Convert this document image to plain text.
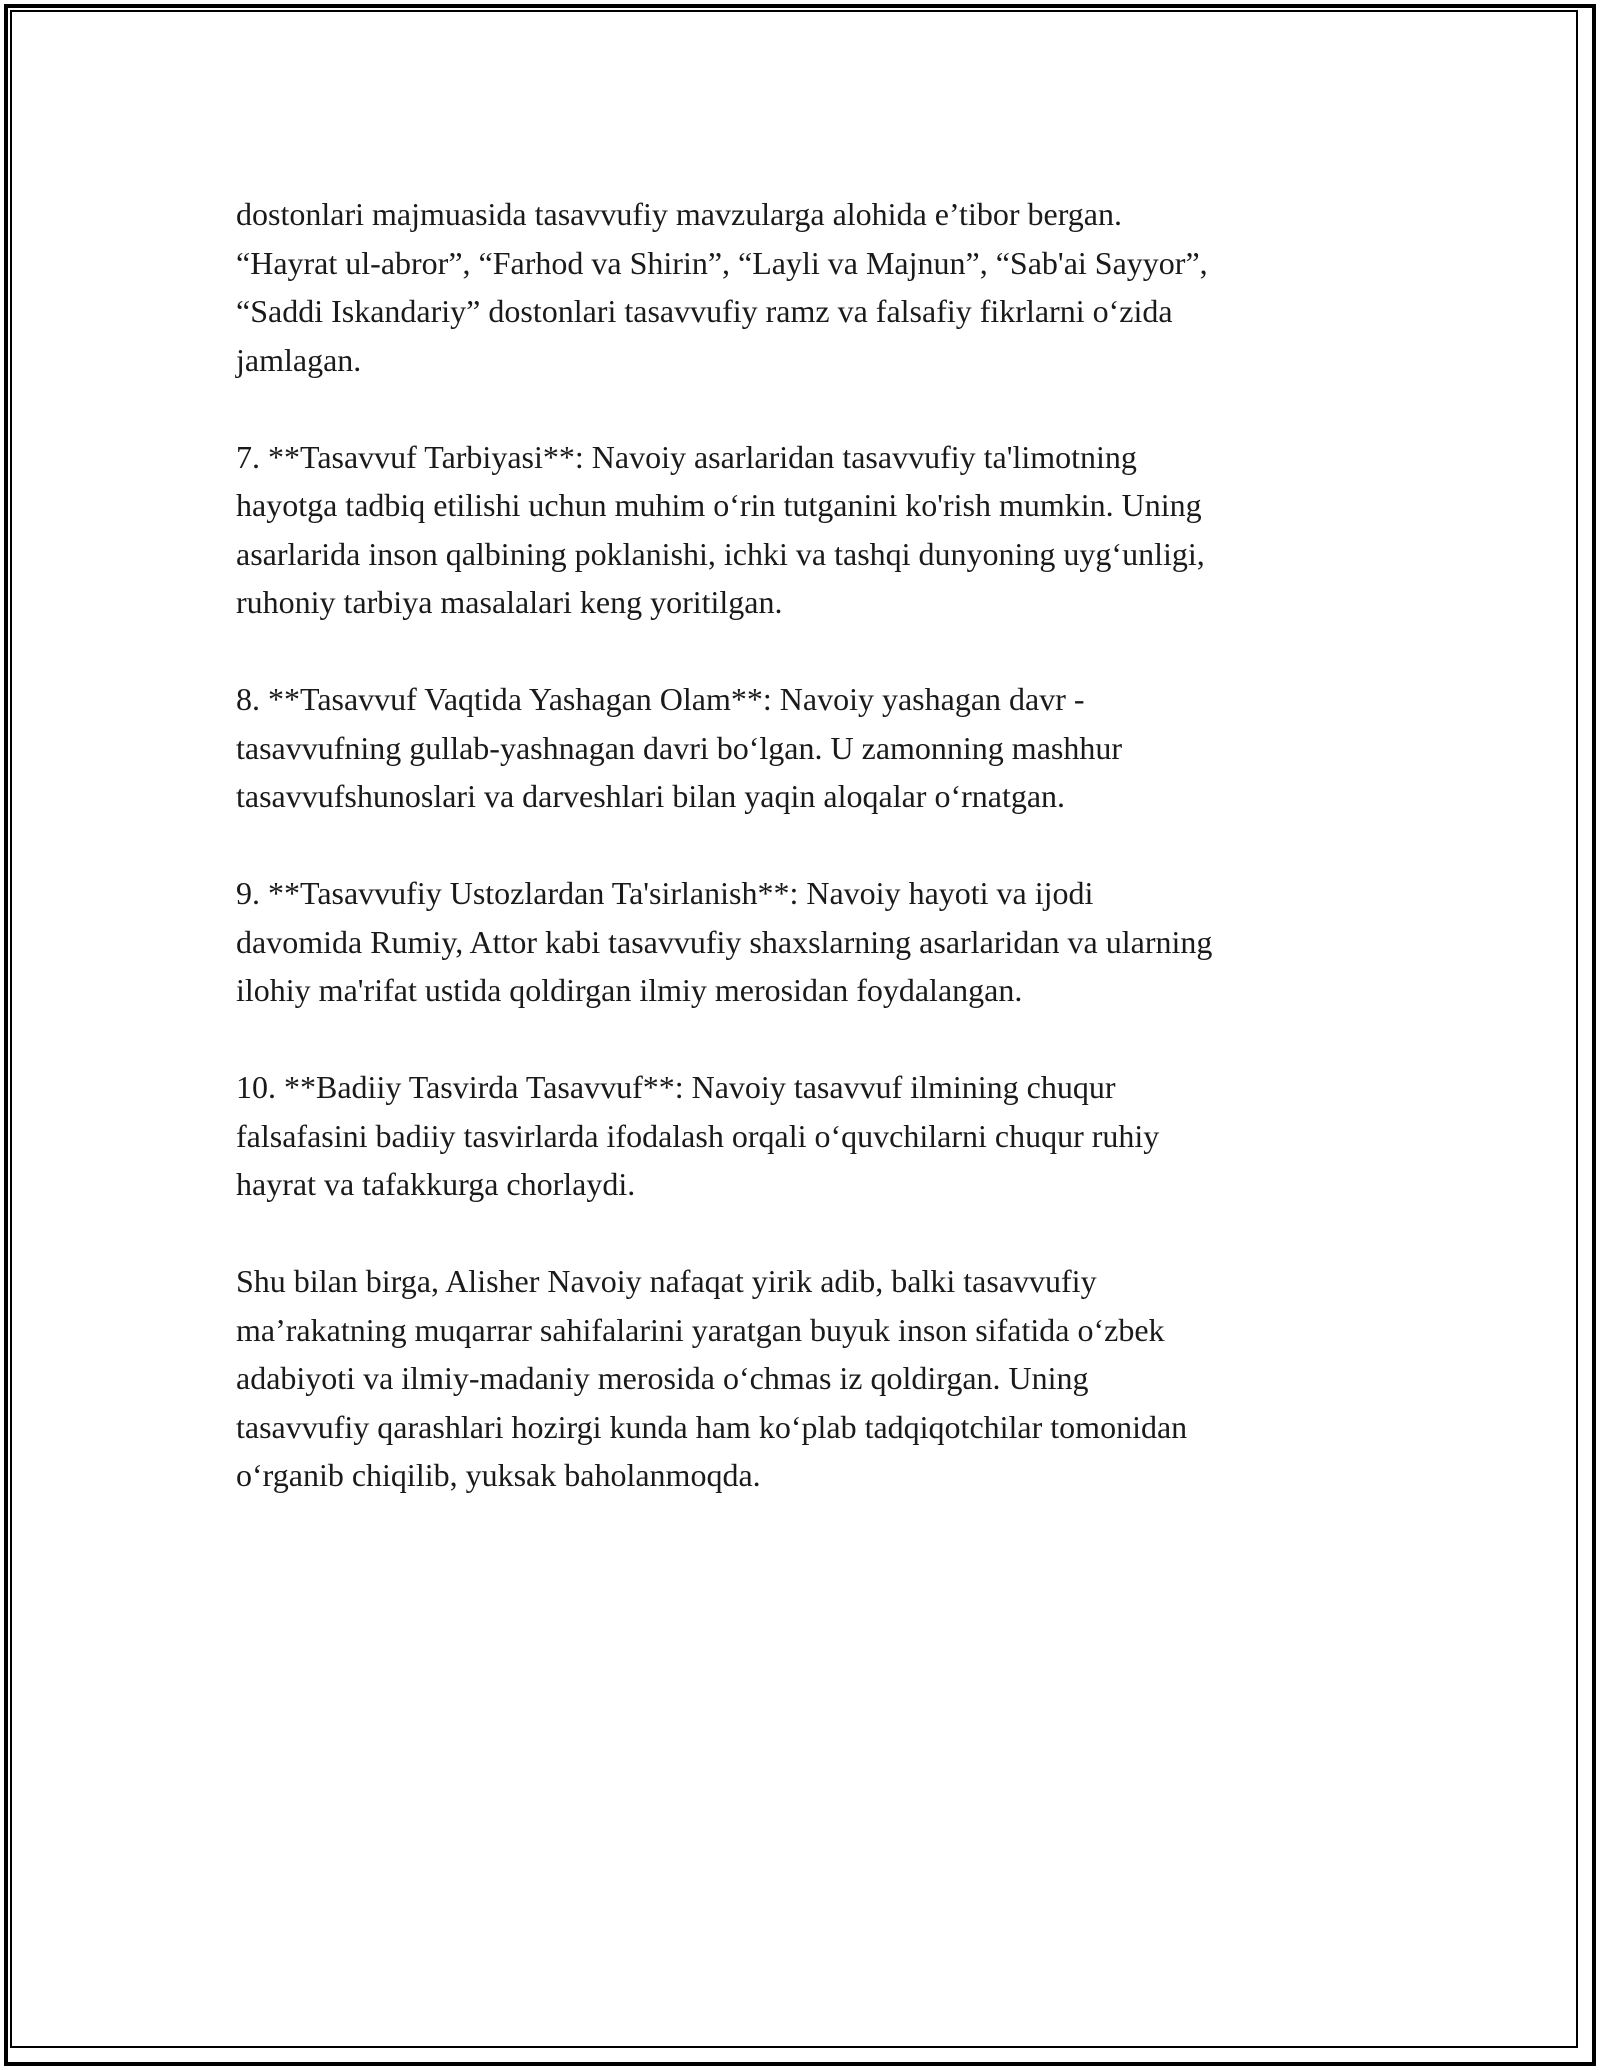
dostonlari majmuasida tasavvufiy mavzularga alohida e’tibor bergan.
“Hayrat ul-abror”, “Farhod va Shirin”, “Layli va Majnun”, “Sab'ai Sayyor”,
“Saddi Iskandariy” dostonlari tasavvufiy ramz va falsafiy fikrlarni o‘zida
jamlagan.

7. **Tasavvuf Tarbiyasi**: Navoiy asarlaridan tasavvufiy ta'limotning
hayotga tadbiq etilishi uchun muhim o‘rin tutganini ko'rish mumkin. Uning
asarlarida inson qalbining poklanishi, ichki va tashqi dunyoning uyg‘unligi,
ruhoniy tarbiya masalalari keng yoritilgan.

8. **Tasavvuf Vaqtida Yashagan Olam**: Navoiy yashagan davr -
tasavvufning gullab-yashnagan davri bo‘lgan. U zamonning mashhur
tasavvufshunoslari va darveshlari bilan yaqin aloqalar o‘rnatgan.

9. **Tasavvufiy Ustozlardan Ta'sirlanish**: Navoiy hayoti va ijodi
davomida Rumiy, Attor kabi tasavvufiy shaxslarning asarlaridan va ularning
ilohiy ma'rifat ustida qoldirgan ilmiy merosidan foydalangan.

10. **Badiiy Tasvirda Tasavvuf**: Navoiy tasavvuf ilmining chuqur
falsafasini badiiy tasvirlarda ifodalash orqali o‘quvchilarni chuqur ruhiy
hayrat va tafakkurga chorlaydi.

Shu bilan birga, Alisher Navoiy nafaqat yirik adib, balki tasavvufiy
ma’rakatning muqarrar sahifalarini yaratgan buyuk inson sifatida o‘zbek
adabiyoti va ilmiy-madaniy merosida o‘chmas iz qoldirgan. Uning
tasavvufiy qarashlari hozirgi kunda ham ko‘plab tadqiqotchilar tomonidan
o‘rganib chiqilib, yuksak baholanmoqda.
